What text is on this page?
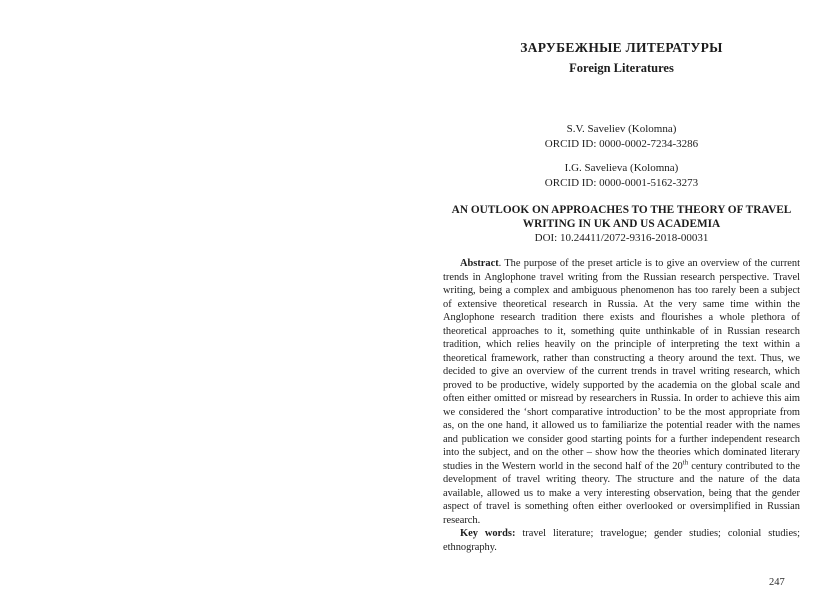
ЗАРУБЕЖНЫЕ ЛИТЕРАТУРЫ
Foreign Literatures
S.V. Saveliev (Kolomna)
ORCID ID: 0000-0002-7234-3286
I.G. Savelieva (Kolomna)
ORCID ID: 0000-0001-5162-3273
AN OUTLOOK ON APPROACHES TO THE THEORY OF TRAVEL
WRITING IN UK AND US ACADEMIA
DOI: 10.24411/2072-9316-2018-00031

Abstract. The purpose of the preset article is to give an overview of the current trends in Anglophone travel writing from the Russian research perspective. Travel writing, being a complex and ambiguous phenomenon has too rarely been a subject of extensive theoretical research in Russia. At the very same time within the Anglophone research tradition there exists and flourishes a whole plethora of theoretical approaches to it, something quite unthinkable of in Russian research tradition, which relies heavily on the principle of interpreting the text within a theoretical framework, rather than constructing a theory around the text. Thus, we decided to give an overview of the current trends in travel writing research, which proved to be productive, widely supported by the academia on the global scale and often either omitted or misread by researchers in Russia. In order to achieve this aim we considered the ‘short comparative introduction’ to be the most appropriate from as, on the one hand, it allowed us to familiarize the potential reader with the names and publication we consider good starting points for a further independent research into the subject, and on the other – show how the theories which dominated literary studies in the Western world in the second half of the 20th century contributed to the development of travel writing theory. The structure and the nature of the data available, allowed us to make a very interesting observation, being that the gender aspect of travel is something often either overlooked or oversimplified in Russian research.

Key words: travel literature; travelogue; gender studies; colonial studies; ethnography.

247
